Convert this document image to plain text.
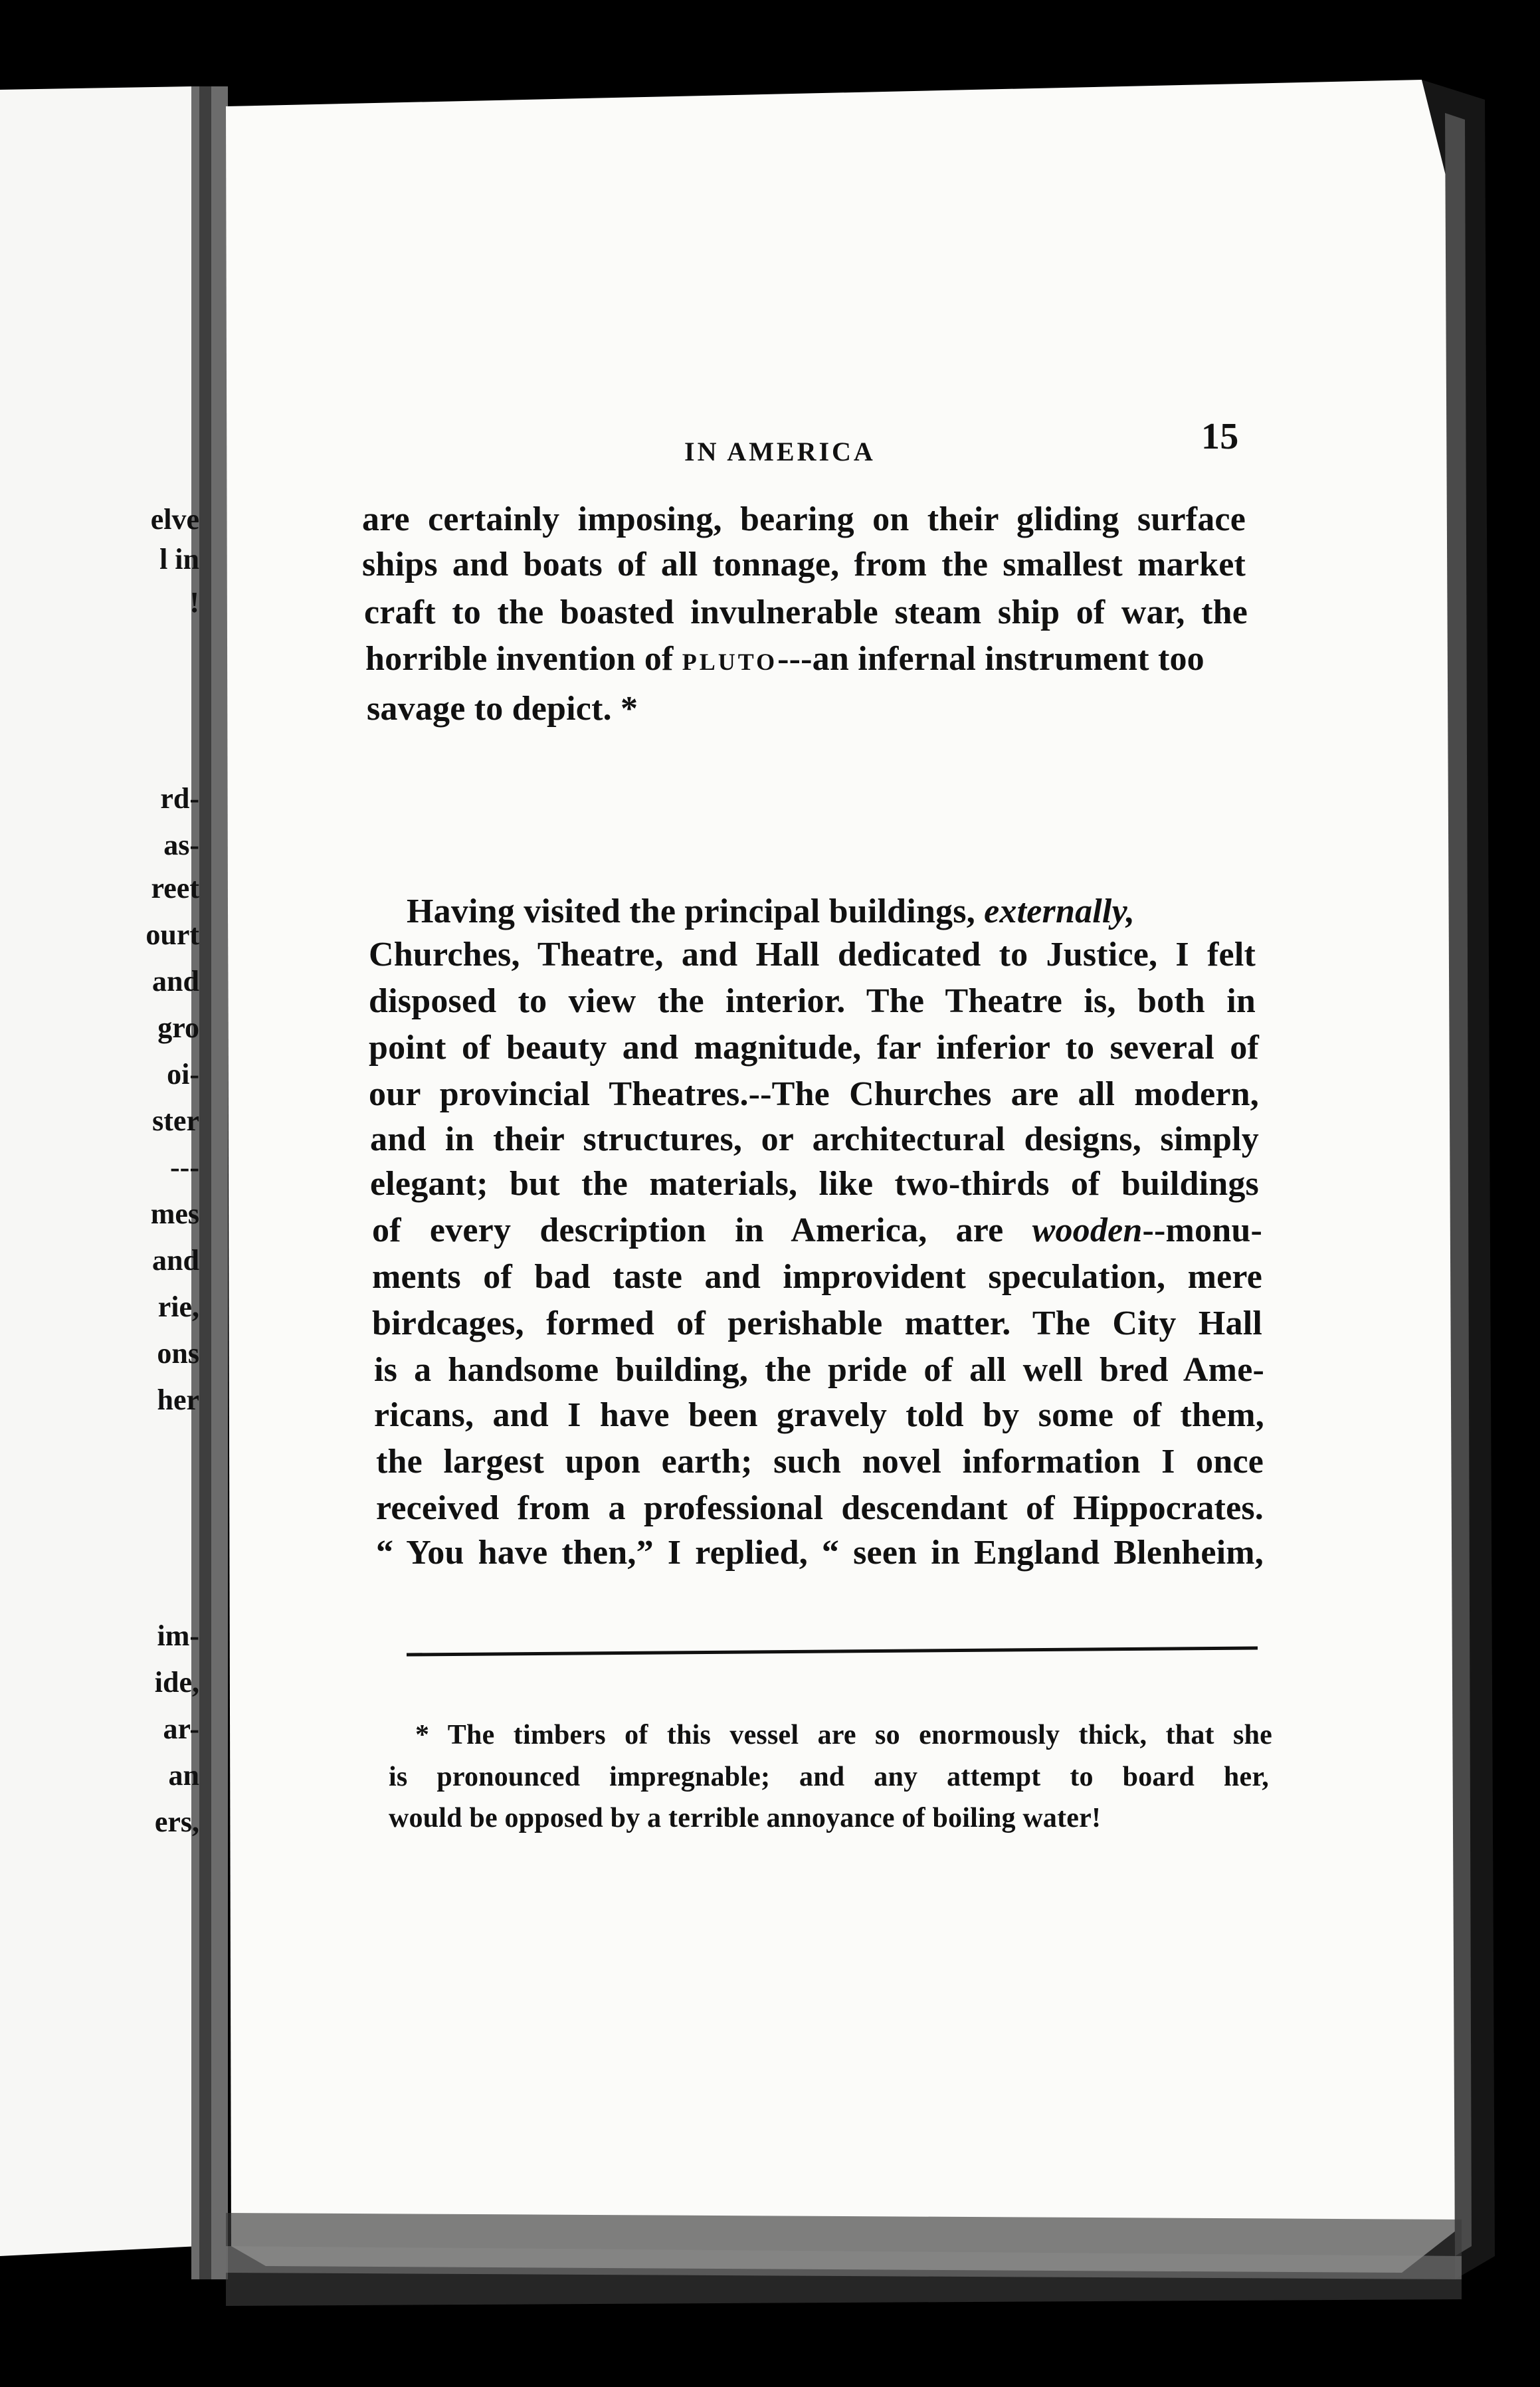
elve

l in

!

rd-

as-

reet

ourt

and

gro

oi-

ster

---

mes

and

rie,

ons

her

im-

ide,

ar-

an

ers,

IN AMERICA	15

are certainly imposing, bearing on their gliding surface

ships and boats of all tonnage, from the smallest market

craft to the boasted invulnerable steam ship of war, the

horrible invention of pluto---an infernal instrument too

savage to depict. *

Having visited the principal buildings, externally,

Churches, Theatre, and Hall dedicated to Justice, I felt

disposed to view the interior. The Theatre is, both in

point of beauty and magnitude, far inferior to several of

our provincial Theatres.--The Churches are all modern,

and in their structures, or architectural designs, simply

elegant; but the materials, like two-thirds of buildings

of every description in America, are wooden--monu-

ments of bad taste and improvident speculation, mere

birdcages, formed of perishable matter. The City Hall

is a handsome building, the pride of all well bred Ame-

ricans, and I have been gravely told by some of them,

the largest upon earth; such novel information I once

received from a professional descendant of Hippocrates.

“ You have then,” I replied, “ seen in England Blenheim,

* The timbers of this vessel are so enormously thick, that she

is pronounced impregnable; and any attempt to board her,

would be opposed by a terrible annoyance of boiling water!
